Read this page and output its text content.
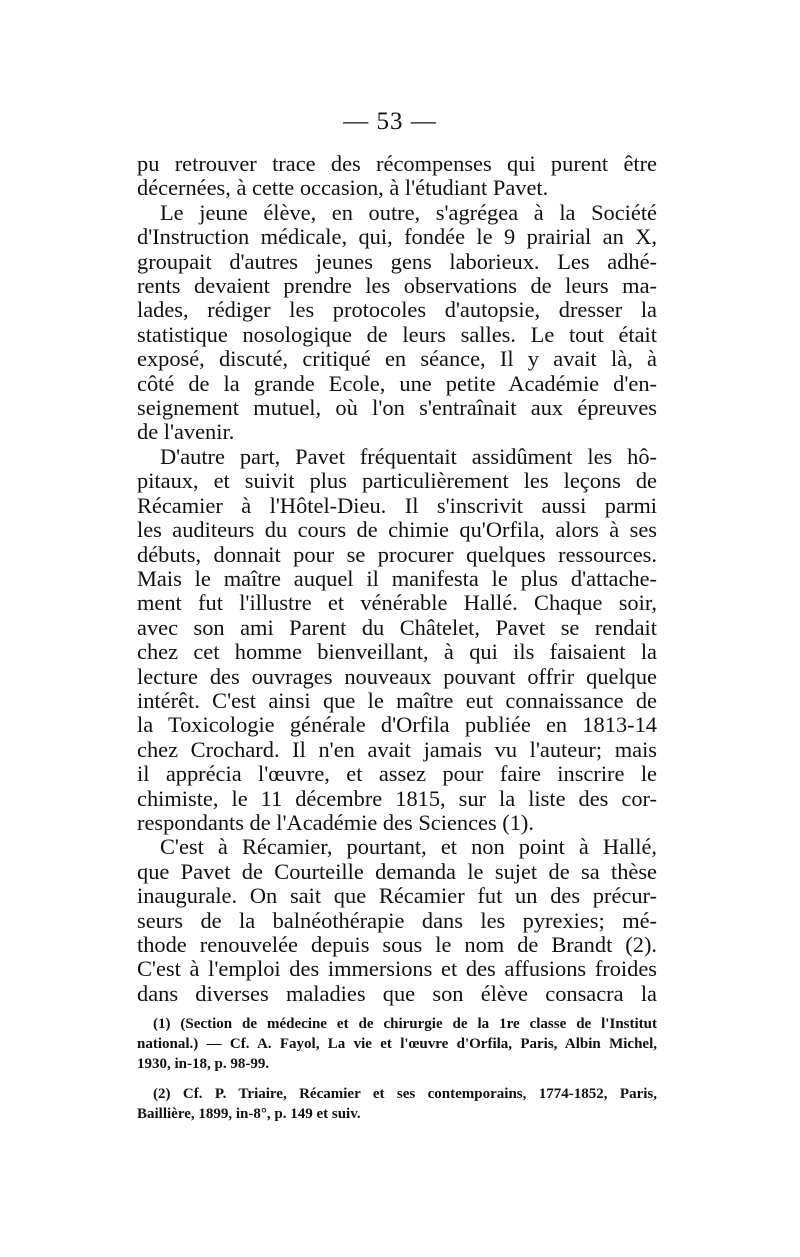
— 53 —
pu retrouver trace des récompenses qui purent être
décernées, à cette occasion, à l'étudiant Pavet.
Le jeune élève, en outre, s'agrégea à la Société
d'Instruction médicale, qui, fondée le 9 prairial an X,
groupait d'autres jeunes gens laborieux. Les adhé-
rents devaient prendre les observations de leurs ma-
lades, rédiger les protocoles d'autopsie, dresser la
statistique nosologique de leurs salles. Le tout était
exposé, discuté, critiqué en séance, Il y avait là, à
côté de la grande Ecole, une petite Académie d'en-
seignement mutuel, où l'on s'entraînait aux épreuves
de l'avenir.
D'autre part, Pavet fréquentait assidûment les hô-
pitaux, et suivit plus particulièrement les leçons de
Récamier à l'Hôtel-Dieu. Il s'inscrivit aussi parmi
les auditeurs du cours de chimie qu'Orfila, alors à ses
débuts, donnait pour se procurer quelques ressources.
Mais le maître auquel il manifesta le plus d'attache-
ment fut l'illustre et vénérable Hallé. Chaque soir,
avec son ami Parent du Châtelet, Pavet se rendait
chez cet homme bienveillant, à qui ils faisaient la
lecture des ouvrages nouveaux pouvant offrir quelque
intérêt. C'est ainsi que le maître eut connaissance de
la Toxicologie générale d'Orfila publiée en 1813-14
chez Crochard. Il n'en avait jamais vu l'auteur; mais
il apprécia l'œuvre, et assez pour faire inscrire le
chimiste, le 11 décembre 1815, sur la liste des cor-
respondants de l'Académie des Sciences (1).
C'est à Récamier, pourtant, et non point à Hallé,
que Pavet de Courteille demanda le sujet de sa thèse
inaugurale. On sait que Récamier fut un des précur-
seurs de la balnéothérapie dans les pyrexies; mé-
thode renouvelée depuis sous le nom de Brandt (2).
C'est à l'emploi des immersions et des affusions froides
dans diverses maladies que son élève consacra la
(1) (Section de médecine et de chirurgie de la 1re classe de l'Institut
national.) — Cf. A. Fayol, La vie et l'œuvre d'Orfila, Paris, Albin Michel,
1930, in-18, p. 98-99.
(2) Cf. P. Triaire, Récamier et ses contemporains, 1774-1852, Paris,
Baillière, 1899, in-8°, p. 149 et suiv.
